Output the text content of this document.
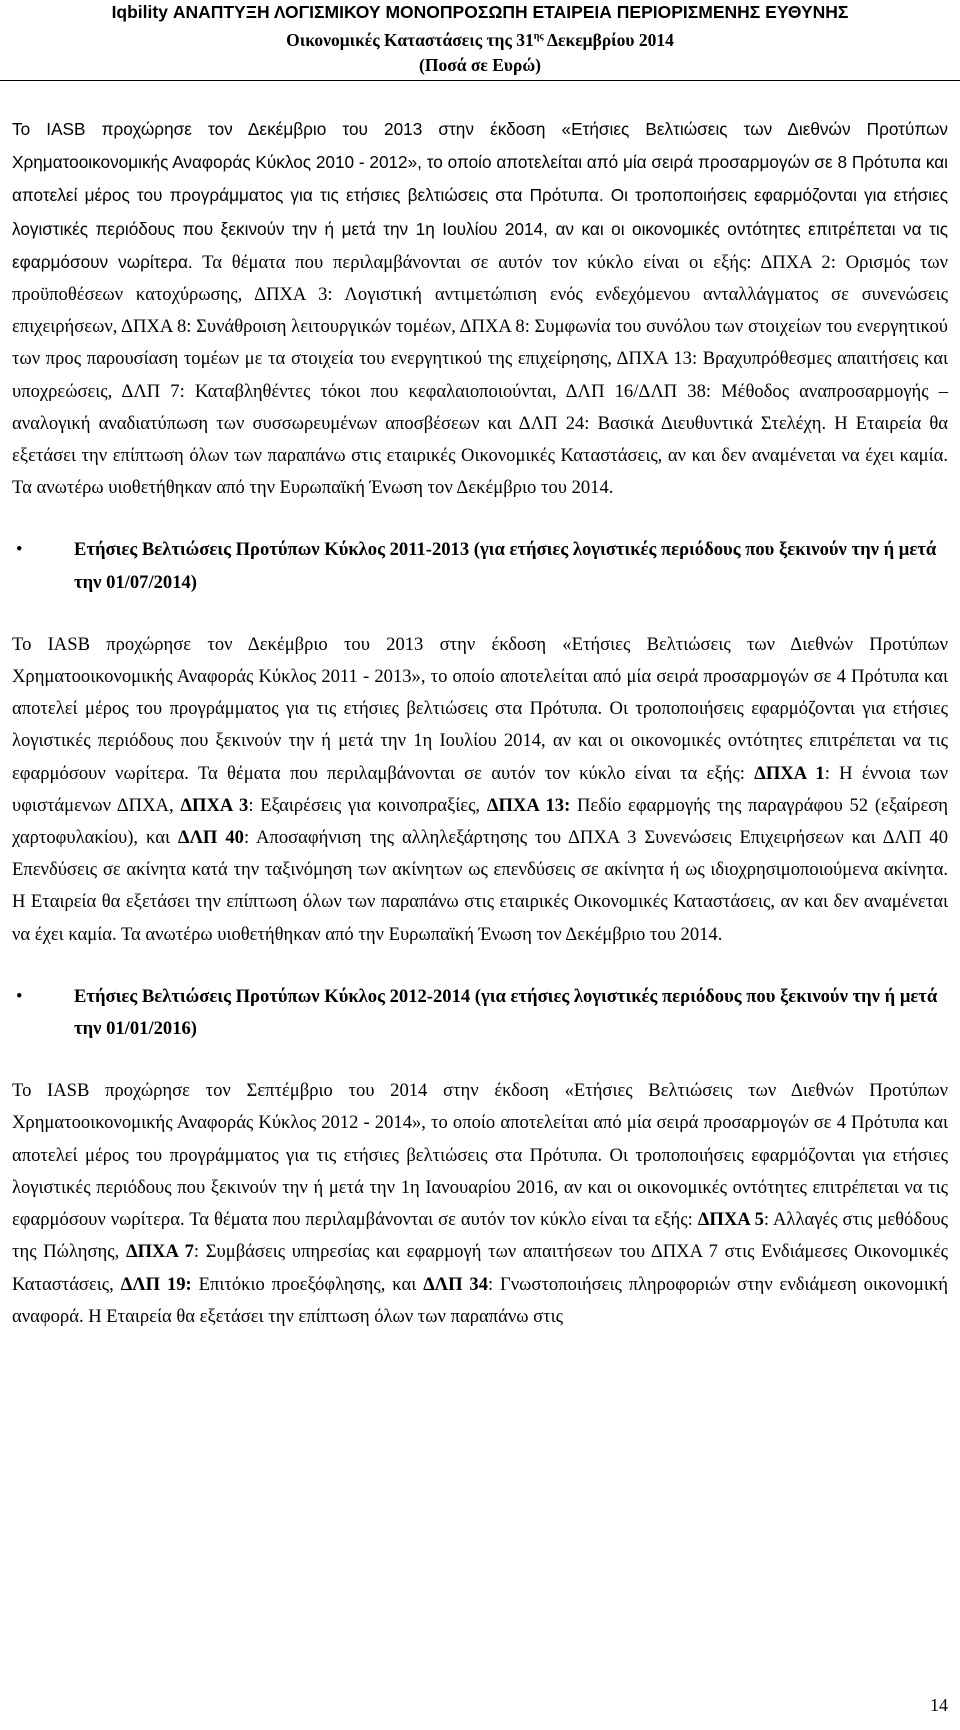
Iqbility ΑΝΑΠΤΥΞΗ ΛΟΓΙΣΜΙΚΟΥ ΜΟΝΟΠΡΟΣΩΠΗ ΕΤΑΙΡΕΙΑ ΠΕΡΙΟΡΙΣΜΕΝΗΣ ΕΥΘΥΝΗΣ
Οικονομικές Καταστάσεις της $31^{\eta\varsigma}$ Δεκεμβρίου 2014
(Ποσά σε Ευρώ)

Το IASB προχώρησε τον Δεκέμβριο του 2013 στην έκδοση «Ετήσιες Βελτιώσεις των Διεθνών Προτύπων Χρηματοοικονομικής Αναφοράς Κύκλος 2010 - 2012», το οποίο αποτελείται από μία σειρά προσαρμογών σε 8 Πρότυπα και αποτελεί μέρος του προγράμματος για τις ετήσιες βελτιώσεις στα Πρότυπα. Οι τροποποιήσεις εφαρμόζονται για ετήσιες λογιστικές περιόδους που ξεκινούν την ή μετά την 1η Ιουλίου 2014, αν και οι οικονομικές οντότητες επιτρέπεται να τις εφαρμόσουν νωρίτερα. Τα θέματα που περιλαμβάνονται σε αυτόν τον κύκλο είναι οι εξής: ΔΠΧΑ 2: Ορισμός των προϋποθέσεων κατοχύρωσης, ΔΠΧΑ 3: Λογιστική αντιμετώπιση ενός ενδεχόμενου ανταλλάγματος σε συνενώσεις επιχειρήσεων, ΔΠΧΑ 8: Συνάθροιση λειτουργικών τομέων, ΔΠΧΑ 8: Συμφωνία του συνόλου των στοιχείων του ενεργητικού των προς παρουσίαση τομέων με τα στοιχεία του ενεργητικού της επιχείρησης, ΔΠΧΑ 13: Βραχυπρόθεσμες απαιτήσεις και υποχρεώσεις, ΔΛΠ 7: Καταβληθέντες τόκοι που κεφαλαιοποιούνται, ΔΛΠ 16/ΔΛΠ 38: Μέθοδος αναπροσαρμογής – αναλογική αναδιατύπωση των συσσωρευμένων αποσβέσεων και ΔΛΠ 24: Βασικά Διευθυντικά Στελέχη. Η Εταιρεία θα εξετάσει την επίπτωση όλων των παραπάνω στις εταιρικές Οικονομικές Καταστάσεις, αν και δεν αναμένεται να έχει καμία. Τα ανωτέρω υιοθετήθηκαν από την Ευρωπαϊκή Ένωση τον Δεκέμβριο του 2014.

•	Ετήσιες Βελτιώσεις Προτύπων Κύκλος 2011-2013 (για ετήσιες λογιστικές περιόδους που ξεκινούν την ή μετά την 01/07/2014)

Το IASB προχώρησε τον Δεκέμβριο του 2013 στην έκδοση «Ετήσιες Βελτιώσεις των Διεθνών Προτύπων Χρηματοοικονομικής Αναφοράς Κύκλος 2011 - 2013», το οποίο αποτελείται από μία σειρά προσαρμογών σε 4 Πρότυπα και αποτελεί μέρος του προγράμματος για τις ετήσιες βελτιώσεις στα Πρότυπα. Οι τροποποιήσεις εφαρμόζονται για ετήσιες λογιστικές περιόδους που ξεκινούν την ή μετά την 1η Ιουλίου 2014, αν και οι οικονομικές οντότητες επιτρέπεται να τις εφαρμόσουν νωρίτερα. Τα θέματα που περιλαμβάνονται σε αυτόν τον κύκλο είναι τα εξής: ΔΠΧΑ 1: Η έννοια των υφιστάμενων ΔΠΧΑ, ΔΠΧΑ 3: Εξαιρέσεις για κοινοπραξίες, ΔΠΧΑ 13: Πεδίο εφαρμογής της παραγράφου 52 (εξαίρεση χαρτοφυλακίου), και ΔΛΠ 40: Αποσαφήνιση της αλληλεξάρτησης του ΔΠΧΑ 3 Συνενώσεις Επιχειρήσεων και ΔΛΠ 40 Επενδύσεις σε ακίνητα κατά την ταξινόμηση των ακίνητων ως επενδύσεις σε ακίνητα ή ως ιδιοχρησιμοποιούμενα ακίνητα. Η Εταιρεία θα εξετάσει την επίπτωση όλων των παραπάνω στις εταιρικές Οικονομικές Καταστάσεις, αν και δεν αναμένεται να έχει καμία. Τα ανωτέρω υιοθετήθηκαν από την Ευρωπαϊκή Ένωση τον Δεκέμβριο του 2014.

•	Ετήσιες Βελτιώσεις Προτύπων Κύκλος 2012-2014 (για ετήσιες λογιστικές περιόδους που ξεκινούν την ή μετά την 01/01/2016)

Το IASB προχώρησε τον Σεπτέμβριο του 2014 στην έκδοση «Ετήσιες Βελτιώσεις των Διεθνών Προτύπων Χρηματοοικονομικής Αναφοράς Κύκλος 2012 - 2014», το οποίο αποτελείται από μία σειρά προσαρμογών σε 4 Πρότυπα και αποτελεί μέρος του προγράμματος για τις ετήσιες βελτιώσεις στα Πρότυπα. Οι τροποποιήσεις εφαρμόζονται για ετήσιες λογιστικές περιόδους που ξεκινούν την ή μετά την 1η Ιανουαρίου 2016, αν και οι οικονομικές οντότητες επιτρέπεται να τις εφαρμόσουν νωρίτερα. Τα θέματα που περιλαμβάνονται σε αυτόν τον κύκλο είναι τα εξής: ΔΠΧΑ 5: Αλλαγές στις μεθόδους της Πώλησης, ΔΠΧΑ 7: Συμβάσεις υπηρεσίας και εφαρμογή των απαιτήσεων του ΔΠΧΑ 7 στις Ενδιάμεσες Οικονομικές Καταστάσεις, ΔΛΠ 19: Επιτόκιο προεξόφλησης, και ΔΛΠ 34: Γνωστοποιήσεις πληροφοριών στην ενδιάμεση οικονομική αναφορά. Η Εταιρεία θα εξετάσει την επίπτωση όλων των παραπάνω στις

14
